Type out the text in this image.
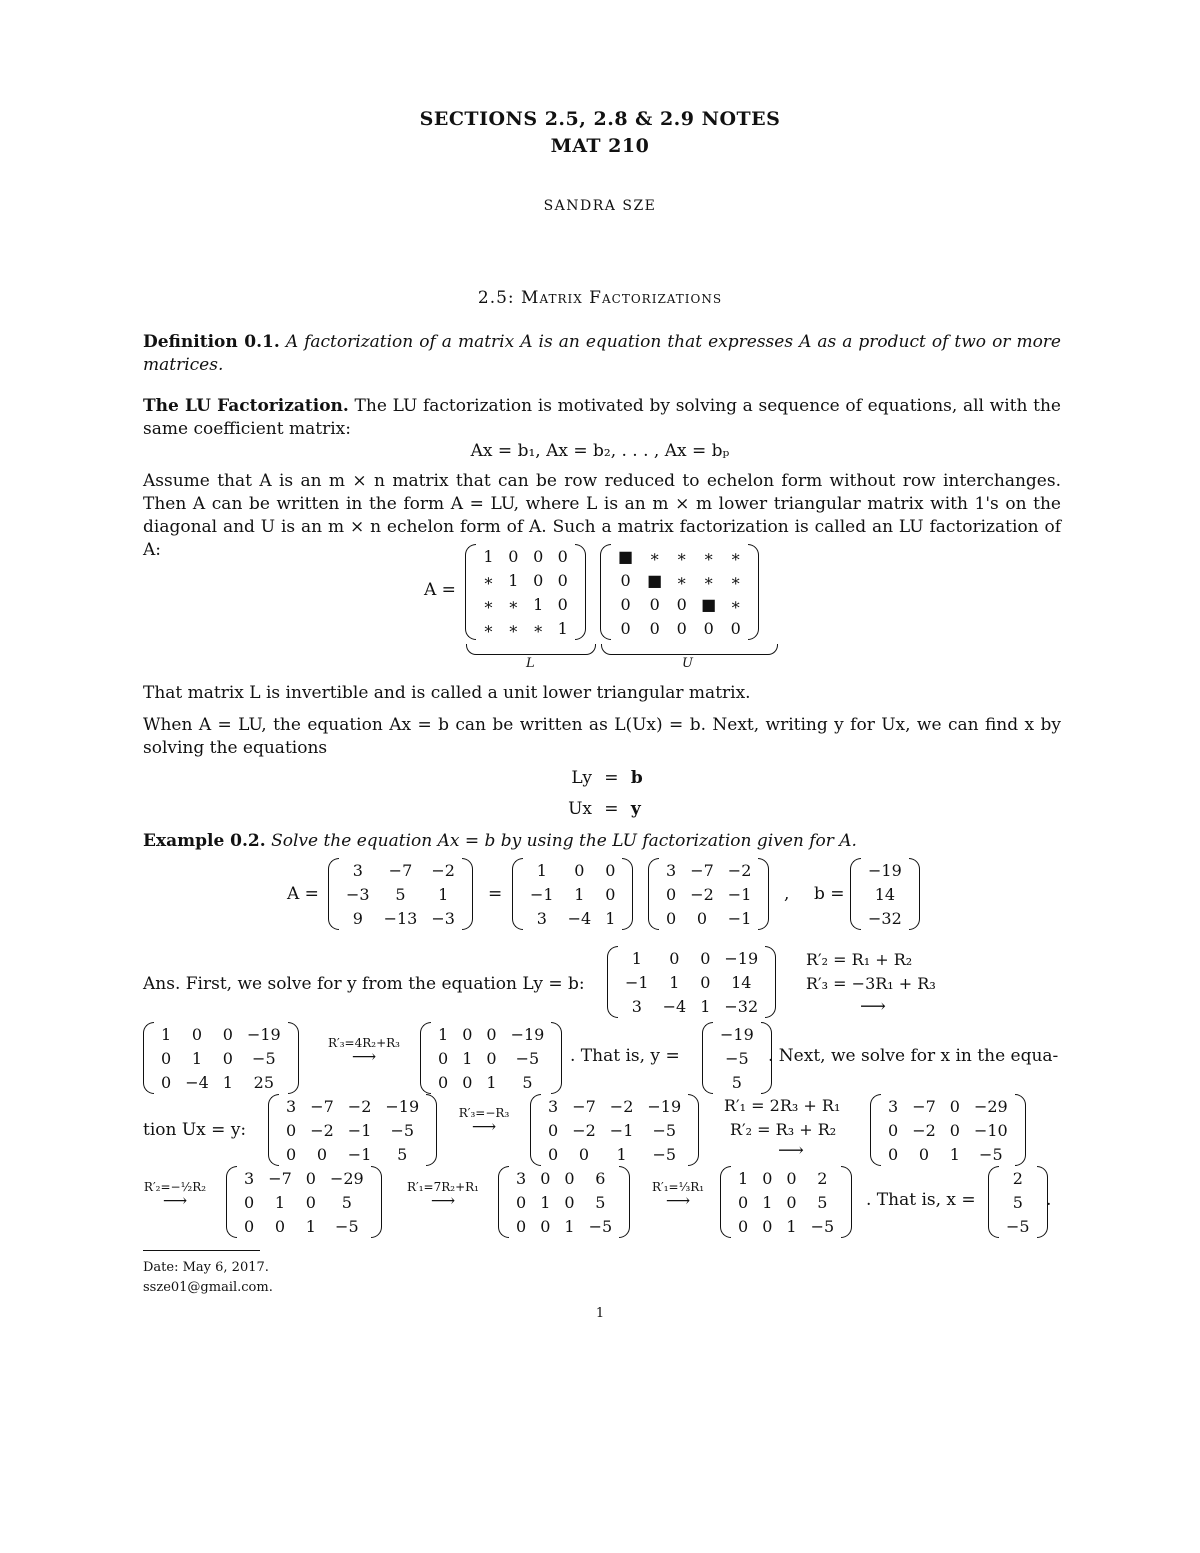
SECTIONS 2.5, 2.8 & 2.9 NOTES
MAT 210
SANDRA SZE
2.5: Matrix Factorizations
Definition 0.1. A factorization of a matrix A is an equation that expresses A as a product of two or more matrices.
The LU Factorization. The LU factorization is motivated by solving a sequence of equations, all with the same coefficient matrix:
Ax = b₁, Ax = b₂, . . . , Ax = bₚ
Assume that A is an m × n matrix that can be row reduced to echelon form without row interchanges. Then A can be written in the form A = LU, where L is an m × m lower triangular matrix with 1's on the diagonal and U is an m × n echelon form of A. Such a matrix factorization is called an LU factorization of A:
A =
1	0	0	0
∗	1	0	0
∗	∗	1	0
∗	∗	∗	1
■	∗	∗	∗	∗
0	■	∗	∗	∗
0	0	0	■	∗
0	0	0	0	0
L	U
That matrix L is invertible and is called a unit lower triangular matrix.
When A = LU, the equation Ax = b can be written as L(Ux) = b. Next, writing y for Ux, we can find x by solving the equations
Ly = b
Ux = y
Example 0.2. Solve the equation Ax = b by using the LU factorization given for A.
A =
3	−7	−2
−3	5	1
9	−13	−3
=
1	0	0
−1	1	0
3	−4	1
3	−7	−2
0	−2	−1
0	0	−1
, b =
−19
14
−32
Ans. First, we solve for y from the equation Ly = b:
1	0	0	−19
−1	1	0	14
3	−4	1	−32
R′₂ = R₁ + R₂
R′₃ = −3R₁ + R₃
⟶
1	0	0	−19
0	1	0	−5
0	−4	1	25
R′₃=4R₂+R₃
⟶
1	0	0	−19
0	1	0	−5
0	0	1	5
. That is, y =
−19
−5
5
. Next, we solve for x in the equa-
tion Ux = y:
3	−7	−2	−19
0	−2	−1	−5
0	0	−1	5
R′₃=−R₃
⟶
3	−7	−2	−19
0	−2	−1	−5
0	0	1	−5
R′₁ = 2R₃ + R₁
R′₂ = R₃ + R₂
⟶
3	−7	0	−29
0	−2	0	−10
0	0	1	−5
R′₂=−½R₂
⟶
3	−7	0	−29
0	1	0	5
0	0	1	−5
R′₁=7R₂+R₁
⟶
3	0	0	6
0	1	0	5
0	0	1	−5
R′₁=⅓R₁
⟶
1	0	0	2
0	1	0	5
0	0	1	−5
. That is, x =
2
5
−5
.
Date: May 6, 2017.
ssze01@gmail.com.
1
